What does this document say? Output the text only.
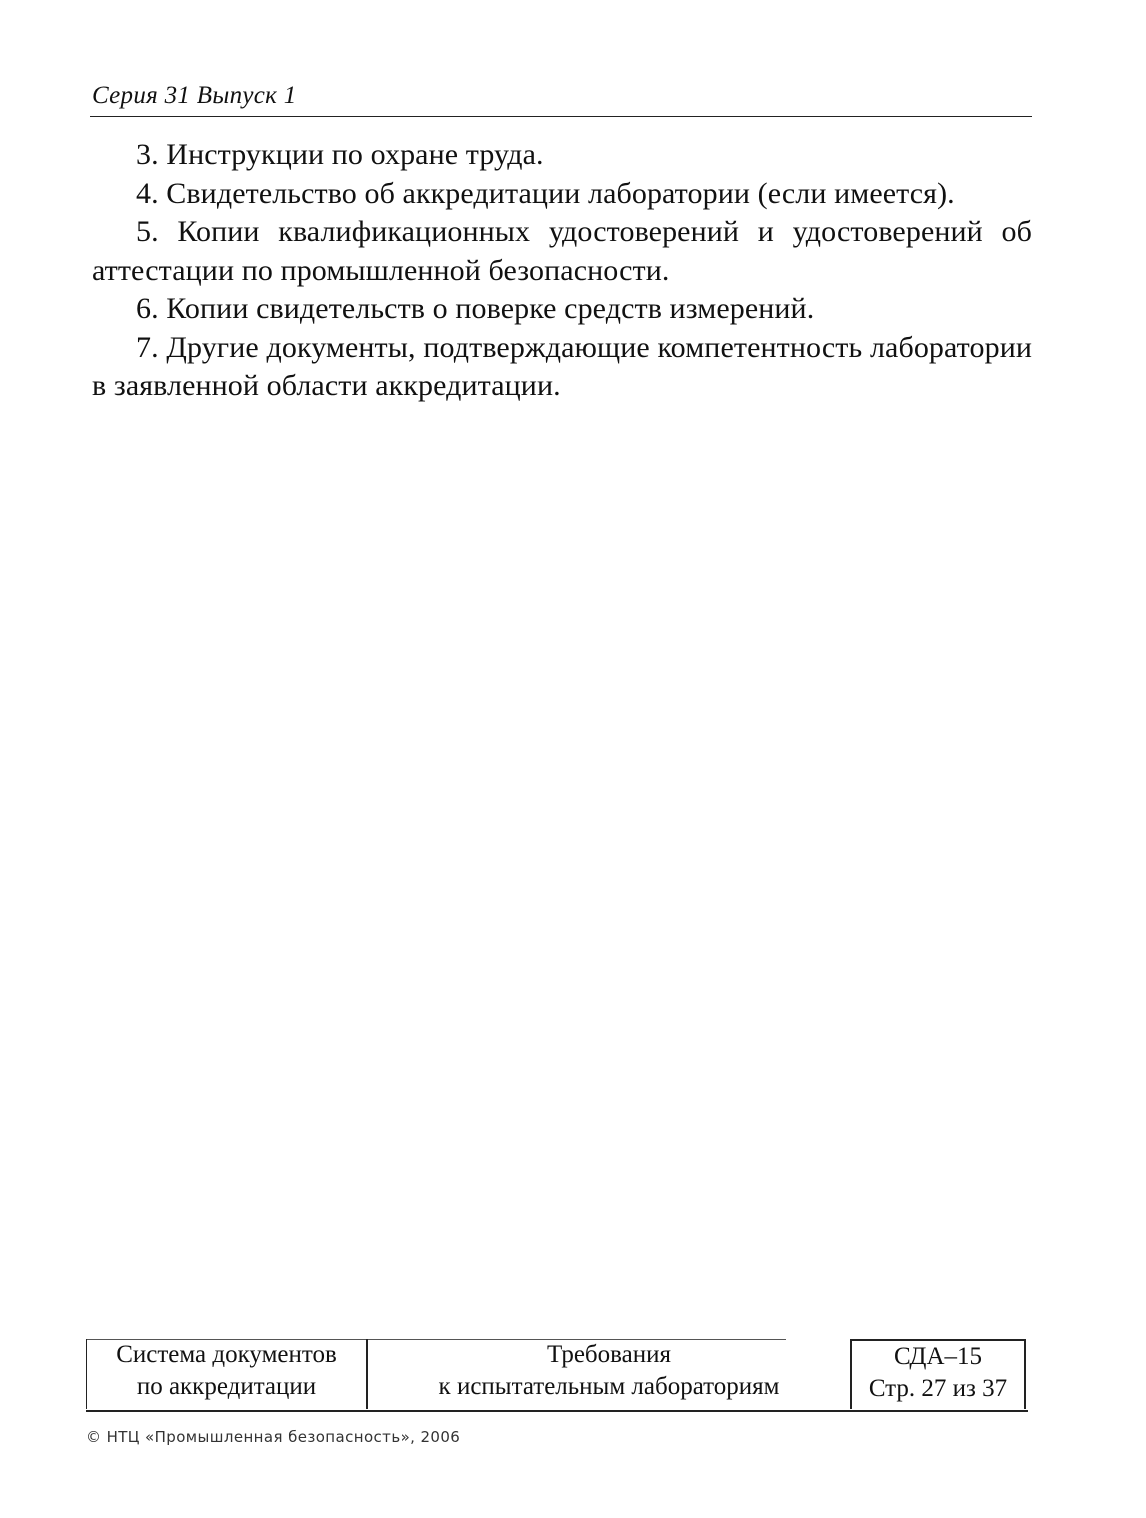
Серия 31 Выпуск 1

3. Инструкции по охране труда.

4. Свидетельство об аккредитации лаборатории (если имеется).

5. Копии квалификационных удостоверений и удостоверений об аттестации по промышленной безопасности.

6. Копии свидетельств о поверке средств измерений.

7. Другие документы, подтверждающие компетентность лаборатории в заявленной области аккредитации.

Система документов
по аккредитации
Требования
к испытательным лабораториям
СДА–15
Стр. 27 из 37
© НТЦ «Промышленная безопасность», 2006
